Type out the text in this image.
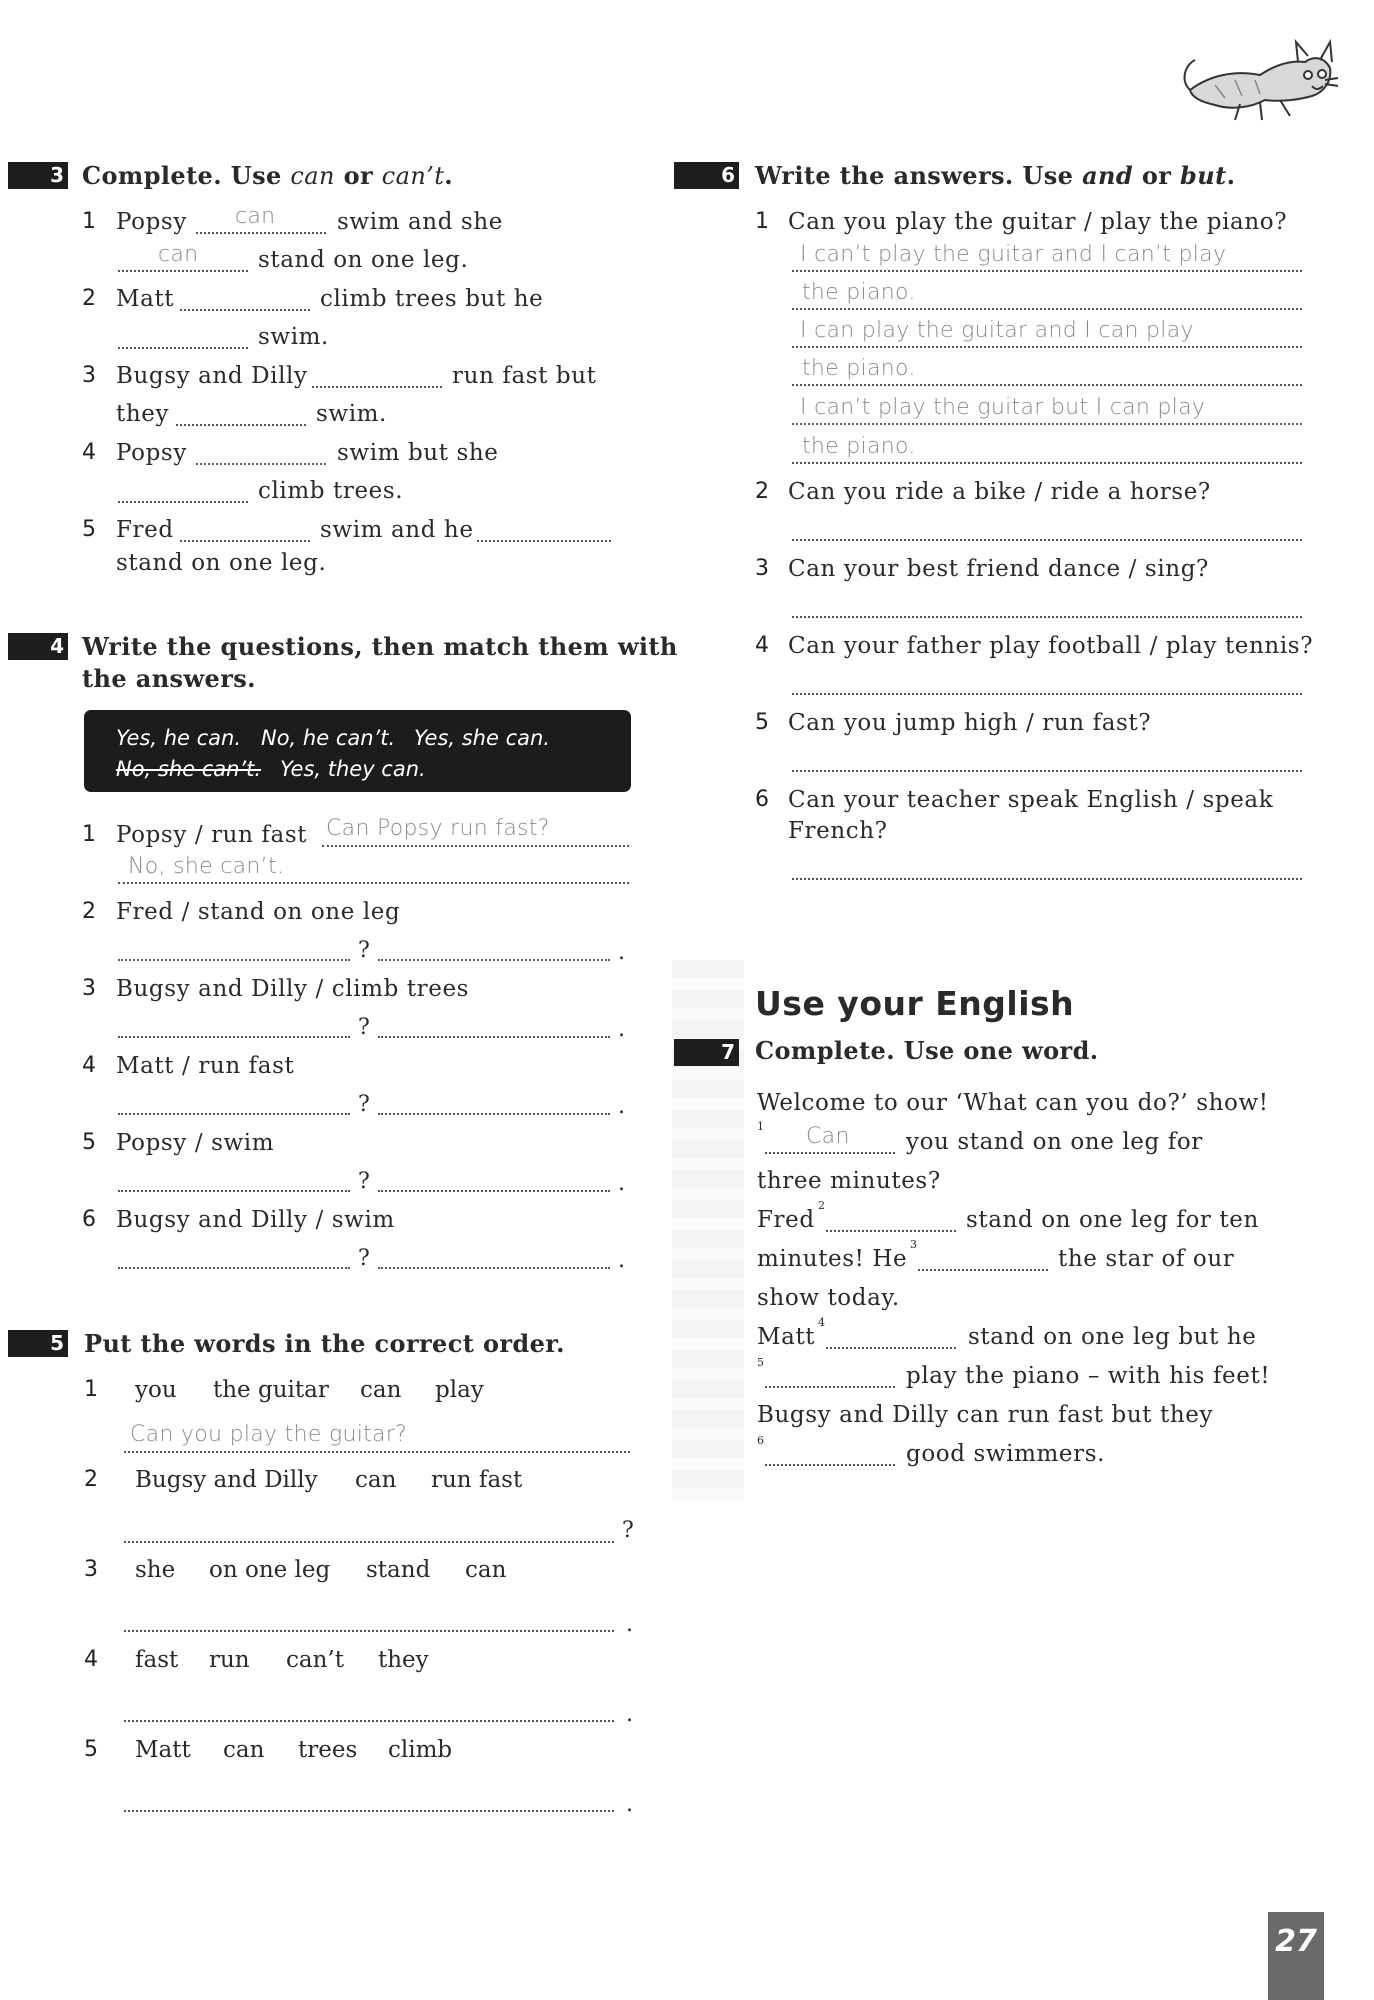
3 Complete. Use can or can’t.
1 Popsy can	swim and she
can	stand on one leg.
2 Matt	climb trees but he
swim.
3 Bugsy and Dilly	run fast but
they	swim.
4 Popsy	swim but she
climb trees.
5 Fred	swim and he
stand on one leg.
4 Write the questions, then match them with
the answers.
Yes, he can. No, he can’t. Yes, she can.
No, she can’t. Yes, they can.
1 Popsy / run fast Can Popsy run fast?
No, she can’t.
2 Fred / stand on one leg
?	.
3 Bugsy and Dilly / climb trees
?	.
4 Matt / run fast
?	.
5 Popsy / swim
?	.
6 Bugsy and Dilly / swim
?	.
5 Put the words in the correct order.
1 you the guitar can play
Can you play the guitar?
2 Bugsy and Dilly can run fast
?
3 she on one leg stand can
.
4 fast run can’t they
.
5 Matt can trees climb
.
6 Write the answers. Use and or but.
1 Can you play the guitar / play the piano?
I can’t play the guitar and I can’t play
the piano.
I can play the guitar and I can play
the piano.
I can’t play the guitar but I can play
the piano.
2 Can you ride a bike / ride a horse?
3 Can your best friend dance / sing?
4 Can your father play football / play tennis?
5 Can you jump high / run fast?
6 Can your teacher speak English / speak
French?
Use your English
7 Complete. Use one word.
Welcome to our ‘What can you do?’ show!
1 Can you stand on one leg for
three minutes?
Fred
2
stand on one leg for ten
minutes! He
3
the star of our
show today.
Matt
4
stand on one leg but he
5
play the piano – with his feet!
Bugsy and Dilly can run fast but they
6
good swimmers.
27
